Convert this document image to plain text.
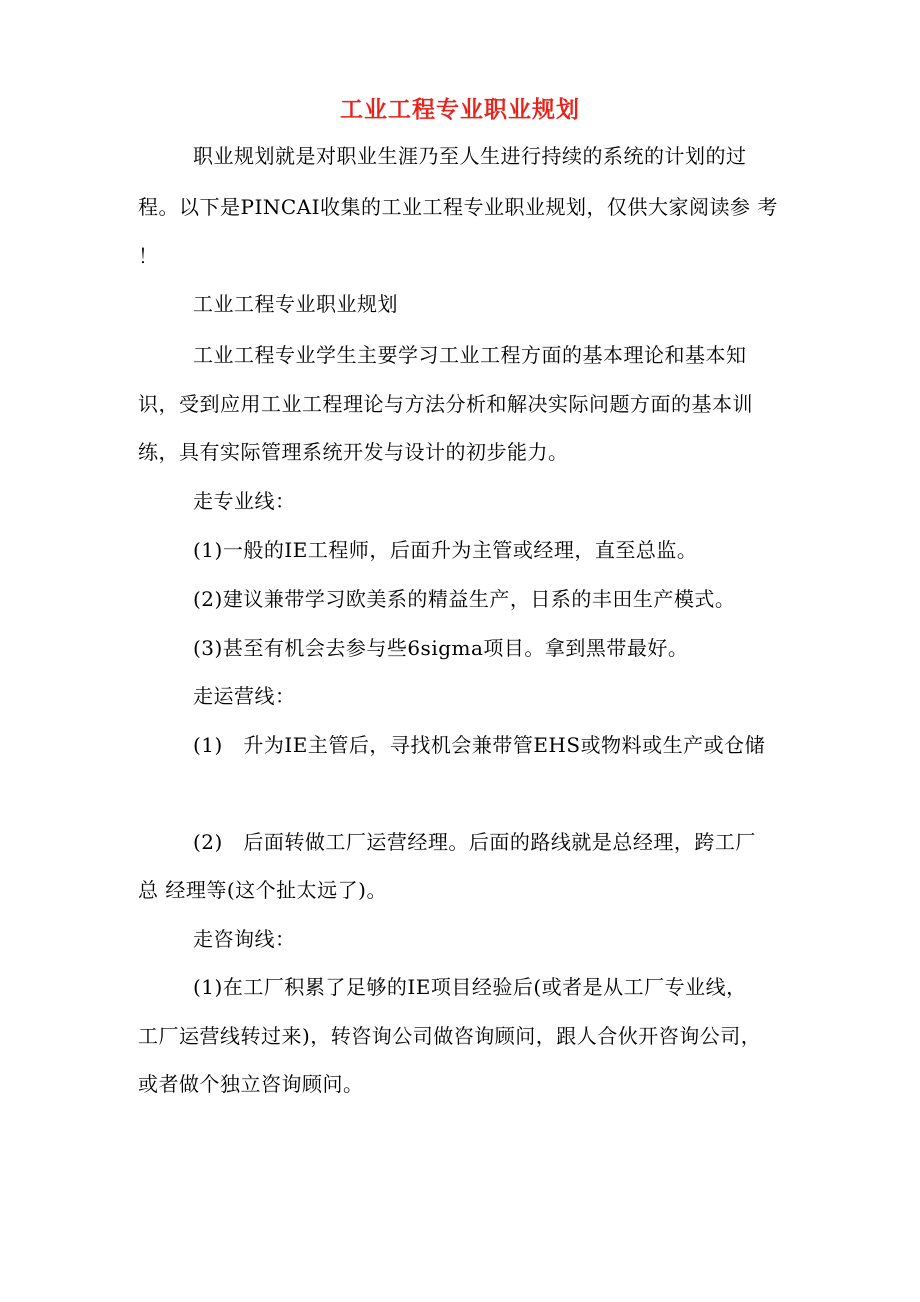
工业工程专业职业规划
职业规划就是对职业生涯乃至人生进行持续的系统的计划的过
程。以下是PINCAI收集的工业工程专业职业规划，仅供大家阅读参 考
！
工业工程专业职业规划
工业工程专业学生主要学习工业工程方面的基本理论和基本知
识，受到应用工业工程理论与方法分析和解决实际问题方面的基本训
练，具有实际管理系统开发与设计的初步能力。
走专业线：
(1)一般的IE工程师，后面升为主管或经理，直至总监。
(2)建议兼带学习欧美系的精益生产，日系的丰田生产模式。
(3)甚至有机会去参与些6sigma项目。拿到黑带最好。
走运营线：
(1)　升为IE主管后，寻找机会兼带管EHS或物料或生产或仓储
(2)　后面转做工厂运营经理。后面的路线就是总经理，跨工厂
总 经理等(这个扯太远了)。
走咨询线：
(1)在工厂积累了足够的IE项目经验后(或者是从工厂专业线，
工厂运营线转过来)，转咨询公司做咨询顾问，跟人合伙开咨询公司，
或者做个独立咨询顾问。
